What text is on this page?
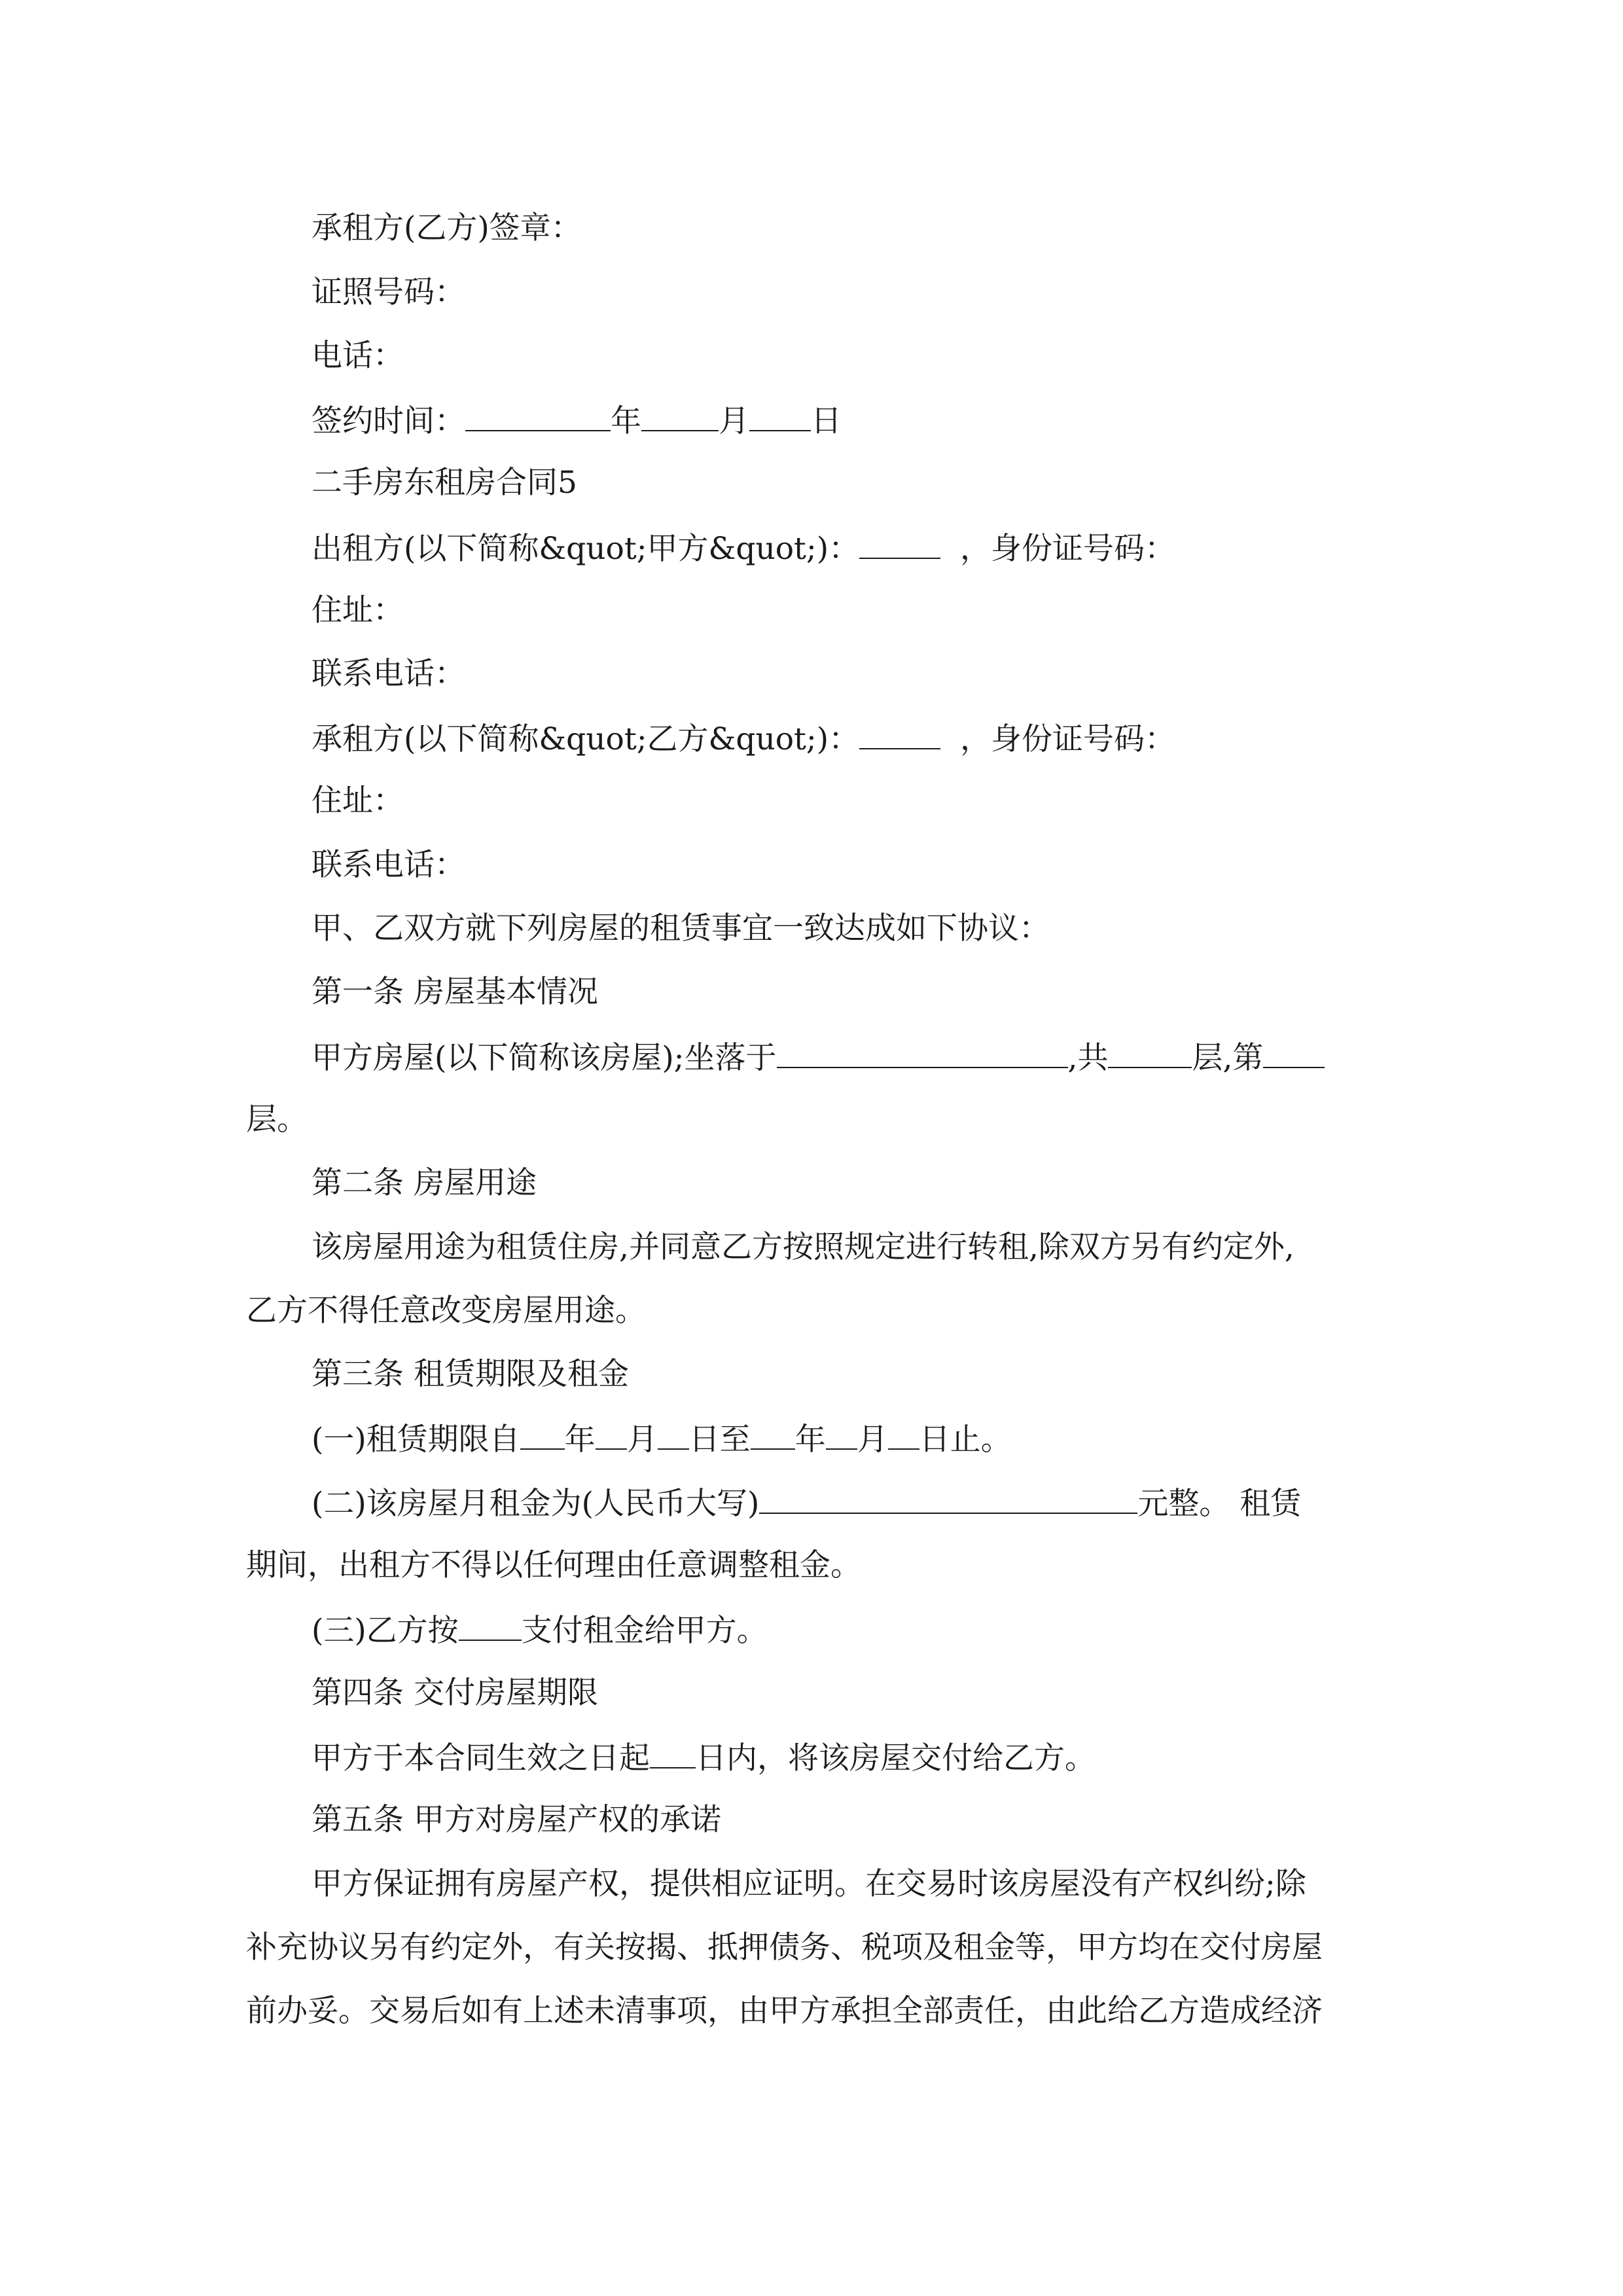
承租方(乙方)签章：
证照号码：
电话：
签约时间：	年	月 日
二手房东租房合同5
出租方(以下简称&quot;甲方&quot;)：	，身份证号码：
住址：
联系电话：
承租方(以下简称&quot;乙方&quot;)：	，身份证号码：
住址：
联系电话：
甲、乙双方就下列房屋的租赁事宜一致达成如下协议：
第一条 房屋基本情况
甲方房屋(以下简称该房屋);坐落于	,共	层,第
层。
第二条 房屋用途
该房屋用途为租赁住房,并同意乙方按照规定进行转租,除双方另有约定外,
乙方不得任意改变房屋用途。
第三条 租赁期限及租金
(一)租赁期限自 年 月 日至 年 月 日止。
(二)该房屋月租金为(人民币大写)	元整。 租赁
期间，出租方不得以任何理由任意调整租金。
(三)乙方按 支付租金给甲方。
第四条 交付房屋期限
甲方于本合同生效之日起 日内，将该房屋交付给乙方。
第五条 甲方对房屋产权的承诺
甲方保证拥有房屋产权，提供相应证明。在交易时该房屋没有产权纠纷;除
补充协议另有约定外，有关按揭、抵押债务、税项及租金等，甲方均在交付房屋
前办妥。交易后如有上述未清事项，由甲方承担全部责任，由此给乙方造成经济
